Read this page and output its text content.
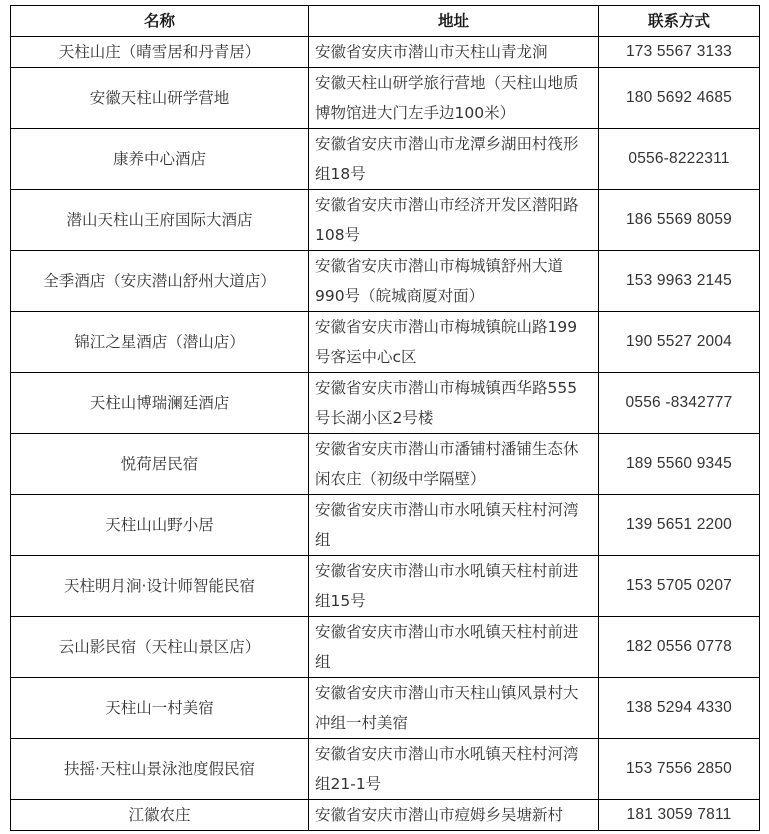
名称	地址	联系方式
天柱山庄（晴雪居和丹青居）	安徽省安庆市潜山市天柱山青龙涧	173 5567 3133
安徽天柱山研学营地	安徽天柱山研学旅行营地（天柱山地质博物馆进大门左手边100米）	180 5692 4685
康养中心酒店	安徽省安庆市潜山市龙潭乡湖田村筏形组18号	0556-8222311
潜山天柱山王府国际大酒店	安徽省安庆市潜山市经济开发区潜阳路108号	186 5569 8059
全季酒店（安庆潜山舒州大道店）	安徽省安庆市潜山市梅城镇舒州大道990号（皖城商厦对面）	153 9963 2145
锦江之星酒店（潜山店）	安徽省安庆市潜山市梅城镇皖山路199号客运中心c区	190 5527 2004
天柱山博瑞澜廷酒店	安徽省安庆市潜山市梅城镇西华路555号长湖小区2号楼	0556 -8342777
悦荷居民宿	安徽省安庆市潜山市潘铺村潘铺生态休闲农庄（初级中学隔壁）	189 5560 9345
天柱山山野小居	安徽省安庆市潜山市水吼镇天柱村河湾组	139 5651 2200
天柱明月涧·设计师智能民宿	安徽省安庆市潜山市水吼镇天柱村前进组15号	153 5705 0207
云山影民宿（天柱山景区店）	安徽省安庆市潜山市水吼镇天柱村前进组	182 0556 0778
天柱山一村美宿	安徽省安庆市潜山市天柱山镇风景村大冲组一村美宿	138 5294 4330
扶摇·天柱山景泳池度假民宿	安徽省安庆市潜山市水吼镇天柱村河湾组21-1号	153 7556 2850
江徽农庄	安徽省安庆市潜山市痘姆乡吴塘新村	181 3059 7811
